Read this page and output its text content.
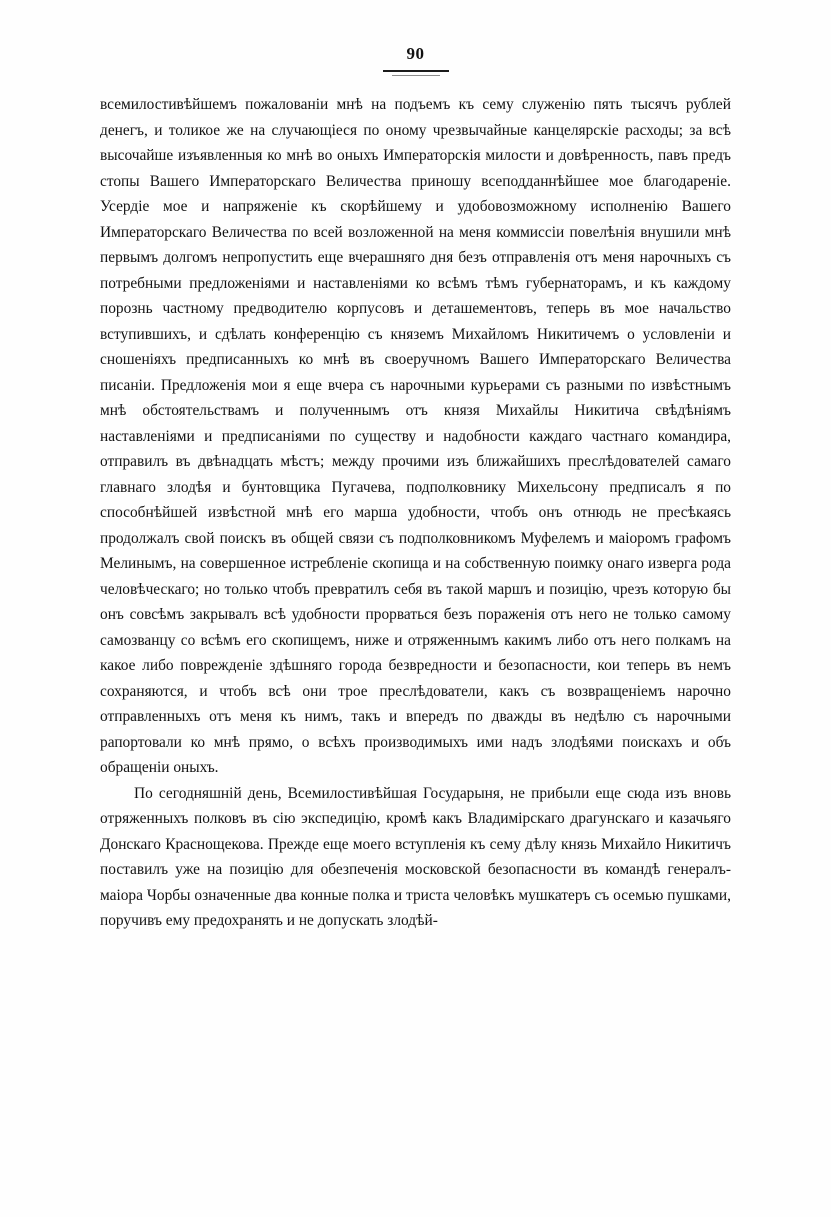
90

всемилостивѣйшемъ пожалованіи мнѣ на подъемъ къ сему служенію пять тысячъ рублей денегъ, и толикое же на случающіеся по оному чрезвычайные канцелярскіе расходы; за всѣ высочайше изъявленныя ко мнѣ во оныхъ Императорскія милости и довѣренность, павъ предъ стопы Вашего Императорскаго Величества приношу всеподданнѣйшее мое благодареніе. Усердіе мое и напряженіе къ скорѣйшему и удобовозможному исполненію Вашего Императорскаго Величества по всей возложенной на меня коммиссіи повелѣнія внушили мнѣ первымъ долгомъ непропустить еще вчерашняго дня безъ отправленія отъ меня нарочныхъ съ потребными предложеніями и наставленіями ко всѣмъ тѣмъ губернаторамъ, и къ каждому порознь частному предводителю корпусовъ и деташементовъ, теперь въ мое начальство вступившихъ, и сдѣлать конференцію съ княземъ Михайломъ Никитичемъ о условленіи и сношеніяхъ предписанныхъ ко мнѣ въ своеручномъ Вашего Императорскаго Величества писаніи. Предложенія мои я еще вчера съ нарочными курьерами съ разными по извѣстнымъ мнѣ обстоятельствамъ и полученнымъ отъ князя Михайлы Никитича свѣдѣніямъ наставленіями и предписаніями по существу и надобности каждаго частнаго командира, отправилъ въ двѣнадцать мѣстъ; между прочими изъ ближайшихъ преслѣдователей самаго главнаго злодѣя и бунтовщика Пугачева, подполковнику Михельсону предписалъ я по способнѣйшей извѣстной мнѣ его марша удобности, чтобъ онъ отнюдь не пресѣкаясь продолжалъ свой поискъ въ общей связи съ подполковникомъ Муфелемъ и маіоромъ графомъ Мелинымъ, на совершенное истребленіе скопища и на собственную поимку онаго изверга рода человѣческаго; но только чтобъ превратилъ себя въ такой маршъ и позицію, чрезъ которую бы онъ совсѣмъ закрывалъ всѣ удобности прорваться безъ пораженія отъ него не только самому самозванцу со всѣмъ его скопищемъ, ниже и отряженнымъ какимъ либо отъ него полкамъ на какое либо поврежденіе здѣшняго города безвредности и безопасности, кои теперь въ немъ сохраняются, и чтобъ всѣ они трое преслѣдователи, какъ съ возвращеніемъ нарочно отправленныхъ отъ меня къ нимъ, такъ и впередъ по дважды въ недѣлю съ нарочными рапортовали ко мнѣ прямо, о всѣхъ производимыхъ ими надъ злодѣями поискахъ и объ обращеніи оныхъ.

По сегодняшній день, Всемилостивѣйшая Государыня, не прибыли еще сюда изъ вновь отряженныхъ полковъ въ сію экспедицію, кромѣ какъ Владимірскаго драгунскаго и казачьяго Донскаго Краснощекова. Прежде еще моего вступленія къ сему дѣлу князь Михайло Никитичъ поставилъ уже на позицію для обезпеченія московской безопасности въ командѣ генералъ-маіора Чорбы означенные два конные полка и триста человѣкъ мушкатеръ съ осемью пушками, поручивъ ему предохранять и не допускать злодѣй-
